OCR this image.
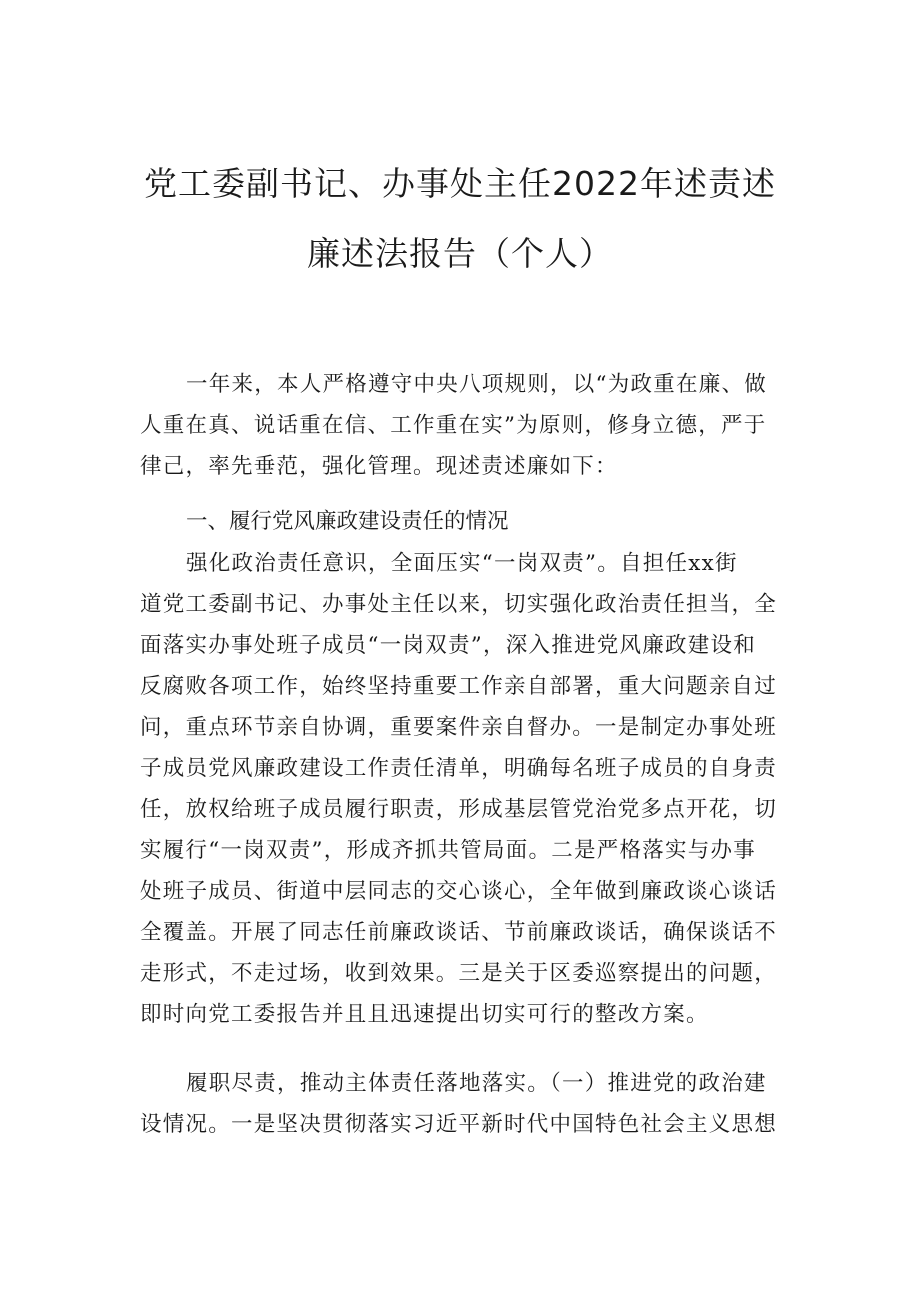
党工委副书记、办事处主任2022年述责述
廉述法报告（个人）
一年来，本人严格遵守中央八项规则，以“为政重在廉、做
人重在真、说话重在信、工作重在实”为原则，修身立德，严于
律己，率先垂范，强化管理。现述责述廉如下：
一、履行党风廉政建设责任的情况
强化政治责任意识，全面压实“一岗双责”。自担任xx街
道党工委副书记、办事处主任以来，切实强化政治责任担当，全
面落实办事处班子成员“一岗双责”，深入推进党风廉政建设和
反腐败各项工作，始终坚持重要工作亲自部署，重大问题亲自过
问，重点环节亲自协调，重要案件亲自督办。一是制定办事处班
子成员党风廉政建设工作责任清单，明确每名班子成员的自身责
任，放权给班子成员履行职责，形成基层管党治党多点开花，切
实履行“一岗双责”，形成齐抓共管局面。二是严格落实与办事
处班子成员、街道中层同志的交心谈心，全年做到廉政谈心谈话
全覆盖。开展了同志任前廉政谈话、节前廉政谈话，确保谈话不
走形式，不走过场，收到效果。三是关于区委巡察提出的问题，
即时向党工委报告并且且迅速提出切实可行的整改方案。
履职尽责，推动主体责任落地落实。（一）推进党的政治建
设情况。一是坚决贯彻落实习近平新时代中国特色社会主义思想
